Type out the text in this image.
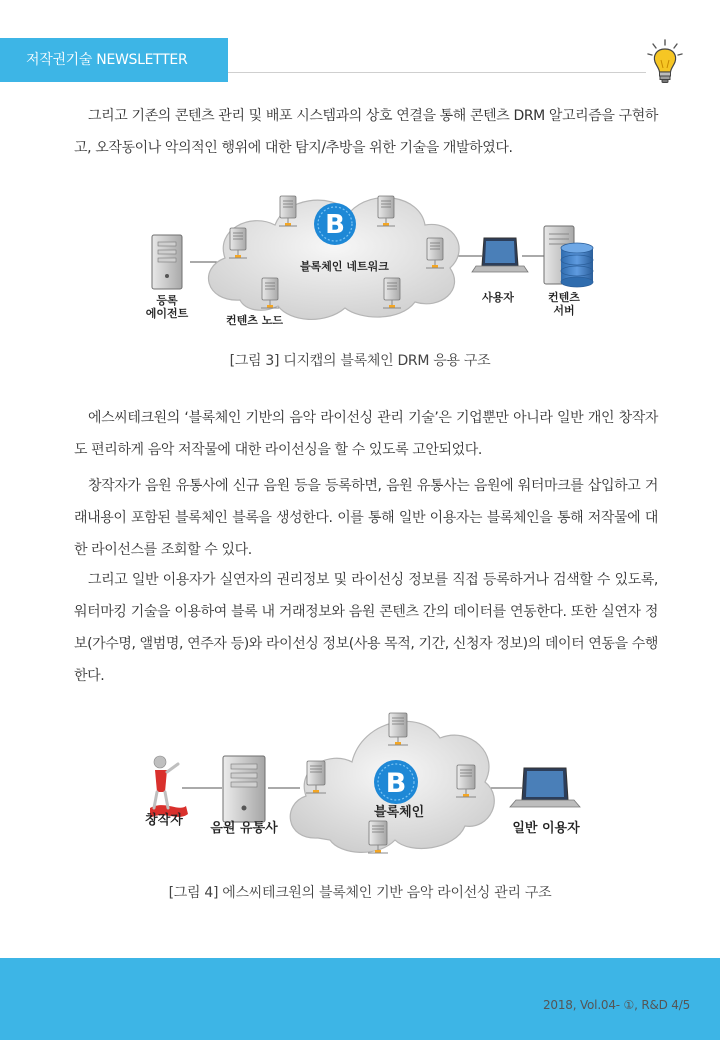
저작권기술 NEWSLETTER

그리고 기존의 콘텐츠 관리 및 배포 시스템과의 상호 연결을 통해 콘텐츠 DRM 알고리즘을 구현하고, 오작동이나 악의적인 행위에 대한 탐지/추방을 위한 기술을 개발하였다.

B
블록체인 네트워크
컨텐츠 노드
등록
에이전트
사용자	컨텐츠
서버
[그림 3] 디지캡의 블록체인 DRM 응용 구조

에스씨테크원의 ‘블록체인 기반의 음악 라이선싱 관리 기술’은 기업뿐만 아니라 일반 개인 창작자도 편리하게 음악 저작물에 대한 라이선싱을 할 수 있도록 고안되었다.

창작자가 음원 유통사에 신규 음원 등을 등록하면, 음원 유통사는 음원에 워터마크를 삽입하고 거래내용이 포함된 블록체인 블록을 생성한다. 이를 통해 일반 이용자는 블록체인을 통해 저작물에 대한 라이선스를 조회할 수 있다.

그리고 일반 이용자가 실연자의 권리정보 및 라이선싱 정보를 직접 등록하거나 검색할 수 있도록, 워터마킹 기술을 이용하여 블록 내 거래정보와 음원 콘텐츠 간의 데이터를 연동한다. 또한 실연자 정보(가수명, 앨범명, 연주자 등)와 라이선싱 정보(사용 목적, 기간, 신청자 정보)의 데이터 연동을 수행한다.

B
블록체인
창작자
음원 유통사	일반 이용자
[그림 4] 에스씨테크원의 블록체인 기반 음악 라이선싱 관리 구조
2018, Vol.04- ①, R&D 4/5
